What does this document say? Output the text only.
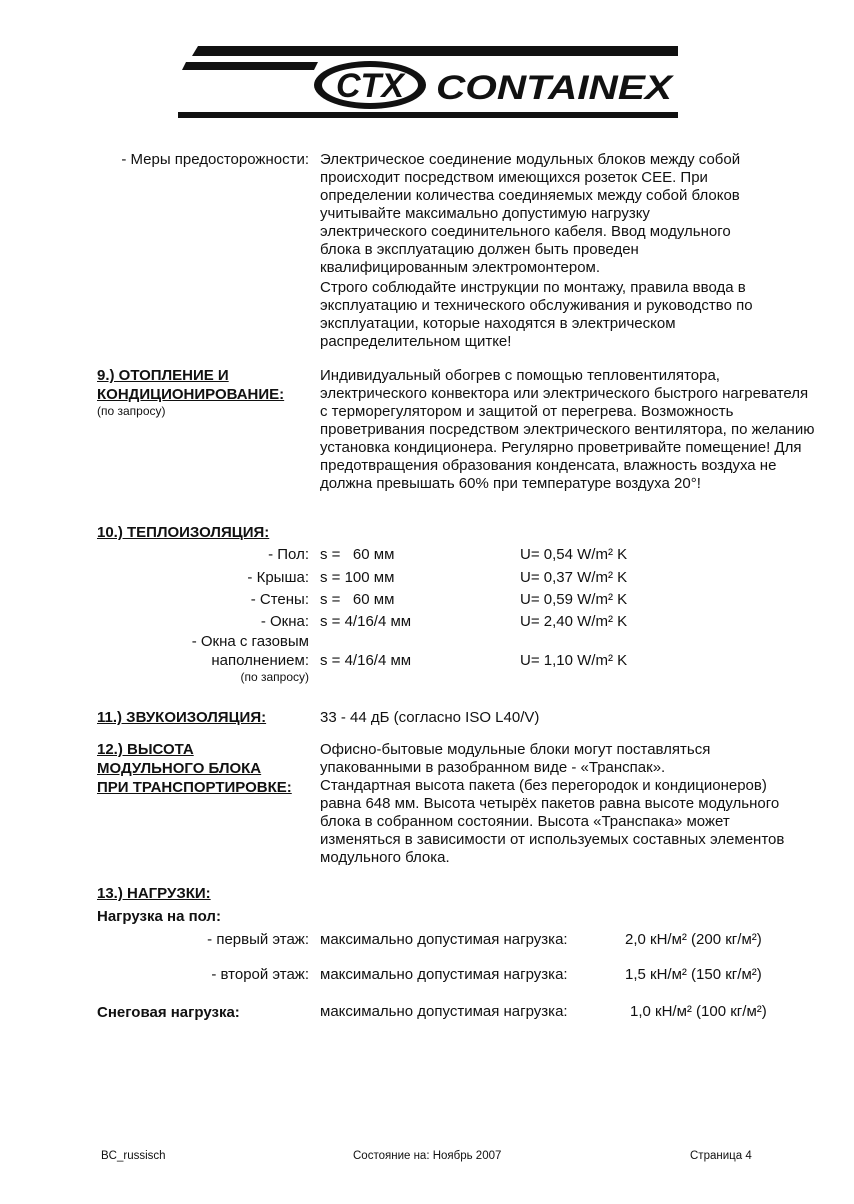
CTX CONTAINEX
- Меры предосторожности: Электрическое соединение модульных блоков между собой происходит посредством имеющихся розеток CEE. При определении количества соединяемых между собой блоков учитывайте максимально допустимую нагрузку электрического соединительного кабеля. Ввод модульного блока в эксплуатацию должен быть проведен квалифицированным электромонтером.
Строго соблюдайте инструкции по монтажу, правила ввода в эксплуатацию и технического обслуживания и руководство по эксплуатации, которые находятся в электрическом распределительном щитке!
9.) ОТОПЛЕНИЕ И
КОНДИЦИОНИРОВАНИЕ:
(по запросу)
Индивидуальный обогрев с помощью тепловентилятора, электрического конвектора или электрического быстрого нагревателя с терморегулятором и защитой от перегрева. Возможность проветривания посредством электрического вентилятора, по желанию установка кондиционера. Регулярно проветривайте помещение! Для предотвращения образования конденсата, влажность воздуха не должна превышать 60% при температуре воздуха 20°!
10.) ТЕПЛОИЗОЛЯЦИЯ:
- Пол: s =   60 мм	U= 0,54 W/m² K
- Крыша: s = 100 мм	U= 0,37 W/m² K
- Стены: s =   60 мм	U= 0,59 W/m² K
- Окна: s = 4/16/4 мм	U= 2,40 W/m² K
- Окна с газовым
наполнением:
(по запросу)
s = 4/16/4 мм	U= 1,10 W/m² K
11.) ЗВУКОИЗОЛЯЦИЯ:	33 - 44 дБ (согласно ISO L40/V)
12.) ВЫСОТА
МОДУЛЬНОГО БЛОКА
ПРИ ТРАНСПОРТИРОВКЕ:
Офисно-бытовые модульные блоки могут поставляться
упакованными в разобранном виде - «Транспак».
Стандартная высота пакета (без перегородок и кондиционеров)
равна 648 мм. Высота четырёх пакетов равна высоте модульного
блока в собранном состоянии. Высота «Транспака» может
изменяться в зависимости от используемых составных элементов
модульного блока.
13.) НАГРУЗКИ:
Нагрузка на пол:
- первый этаж: максимально допустимая нагрузка:	2,0 кН/м² (200 кг/м²)
- второй этаж: максимально допустимая нагрузка:	1,5 кН/м² (150 кг/м²)
Снеговая нагрузка:	максимально допустимая нагрузка:	1,0 кН/м² (100 кг/м²)
BC_russisch	Состояние на: Ноябрь 2007	Страница 4
